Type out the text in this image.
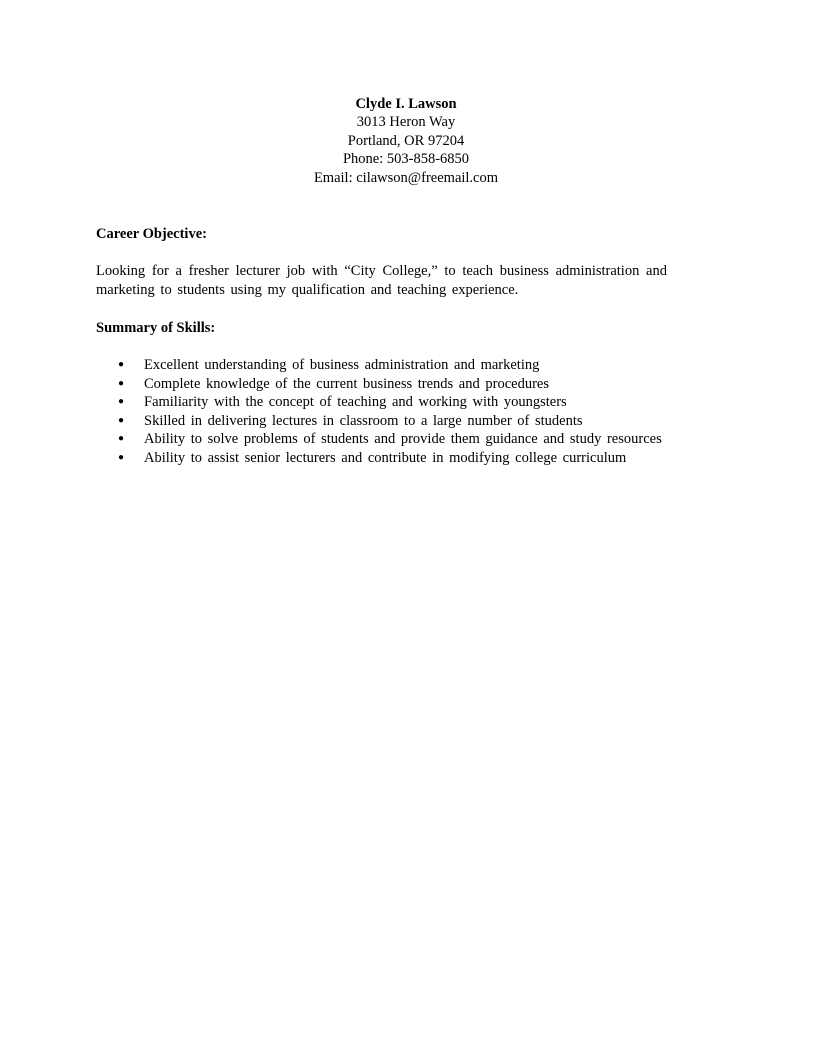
Clyde I. Lawson
3013 Heron Way
Portland, OR 97204
Phone: 503-858-6850
Email: cilawson@freemail.com
Career Objective:
Looking for a fresher lecturer job with “City College,” to teach business administration and marketing to students using my qualification and teaching experience.
Summary of Skills:
● Excellent understanding of business administration and marketing
● Complete knowledge of the current business trends and procedures
● Familiarity with the concept of teaching and working with youngsters
● Skilled in delivering lectures in classroom to a large number of students
● Ability to solve problems of students and provide them guidance and study resources
● Ability to assist senior lecturers and contribute in modifying college curriculum
